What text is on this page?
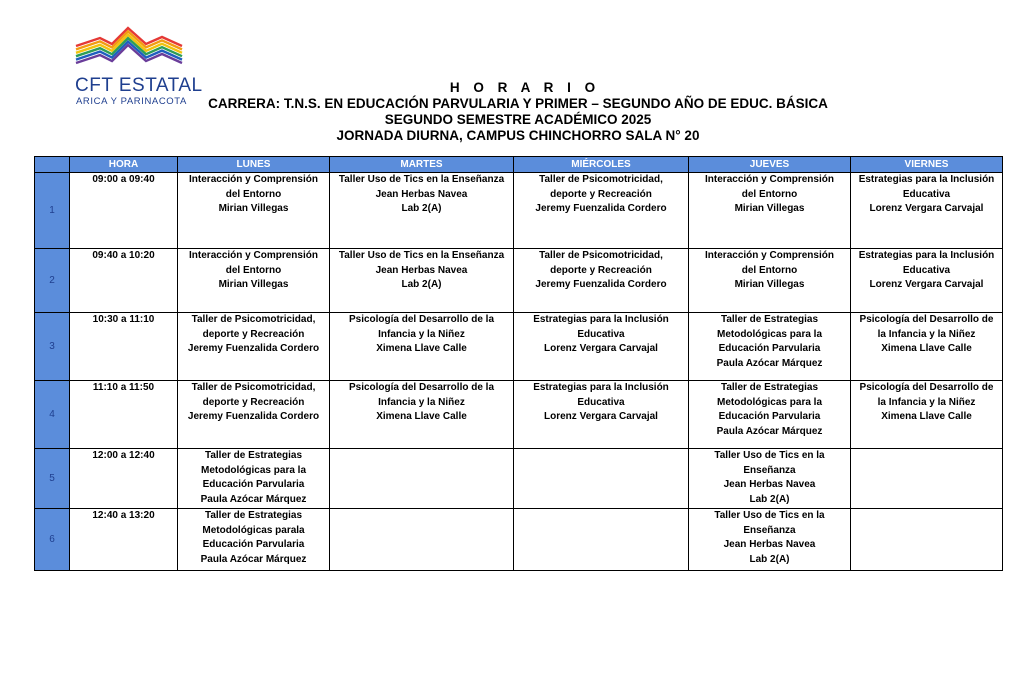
CFT ESTATAL
ARICA Y PARINACOTA
H O R A R I O
CARRERA: T.N.S. EN EDUCACIÓN PARVULARIA Y PRIMER – SEGUNDO AÑO DE EDUC. BÁSICA
SEGUNDO SEMESTRE ACADÉMICO 2025
JORNADA DIURNA, CAMPUS CHINCHORRO SALA N° 20
	HORA	LUNES	MARTES	MIÉRCOLES	JUEVES	VIERNES
1	09:00 a 09:40	Interacción y Comprensión
del Entorno
Mirian Villegas	Taller Uso de Tics en la Enseñanza
Jean Herbas Navea
Lab 2(A)	Taller de Psicomotricidad,
deporte y Recreación
Jeremy Fuenzalida Cordero	Interacción y Comprensión
del Entorno
Mirian Villegas	Estrategias para la Inclusión
Educativa
Lorenz Vergara Carvajal

2	09:40 a 10:20	Interacción y Comprensión
del Entorno
Mirian Villegas	Taller Uso de Tics en la Enseñanza
Jean Herbas Navea
Lab 2(A)	Taller de Psicomotricidad,
deporte y Recreación
Jeremy Fuenzalida Cordero	Interacción y Comprensión
del Entorno
Mirian Villegas	Estrategias para la Inclusión
Educativa
Lorenz Vergara Carvajal

3	10:30 a 11:10	Taller de Psicomotricidad,
deporte y Recreación
Jeremy Fuenzalida Cordero	Psicología del Desarrollo de la
Infancia y la Niñez
Ximena Llave Calle	Estrategias para la Inclusión
Educativa
Lorenz Vergara Carvajal	Taller de Estrategias
Metodológicas para la
Educación Parvularia
Paula Azócar Márquez	Psicología del Desarrollo de
la Infancia y la Niñez
Ximena Llave Calle

4	11:10 a 11:50	Taller de Psicomotricidad,
deporte y Recreación
Jeremy Fuenzalida Cordero	Psicología del Desarrollo de la
Infancia y la Niñez
Ximena Llave Calle	Estrategias para la Inclusión
Educativa
Lorenz Vergara Carvajal	Taller de Estrategias
Metodológicas para la
Educación Parvularia
Paula Azócar Márquez	Psicología del Desarrollo de
la Infancia y la Niñez
Ximena Llave Calle

5	12:00 a 12:40	Taller de Estrategias
Metodológicas para la
Educación Parvularia
Paula Azócar Márquez			Taller Uso de Tics en la
Enseñanza
Jean Herbas Navea
Lab 2(A)	

6	12:40 a 13:20	Taller de Estrategias
Metodológicas parala
Educación Parvularia
Paula Azócar Márquez			Taller Uso de Tics en la
Enseñanza
Jean Herbas Navea
Lab 2(A)	
